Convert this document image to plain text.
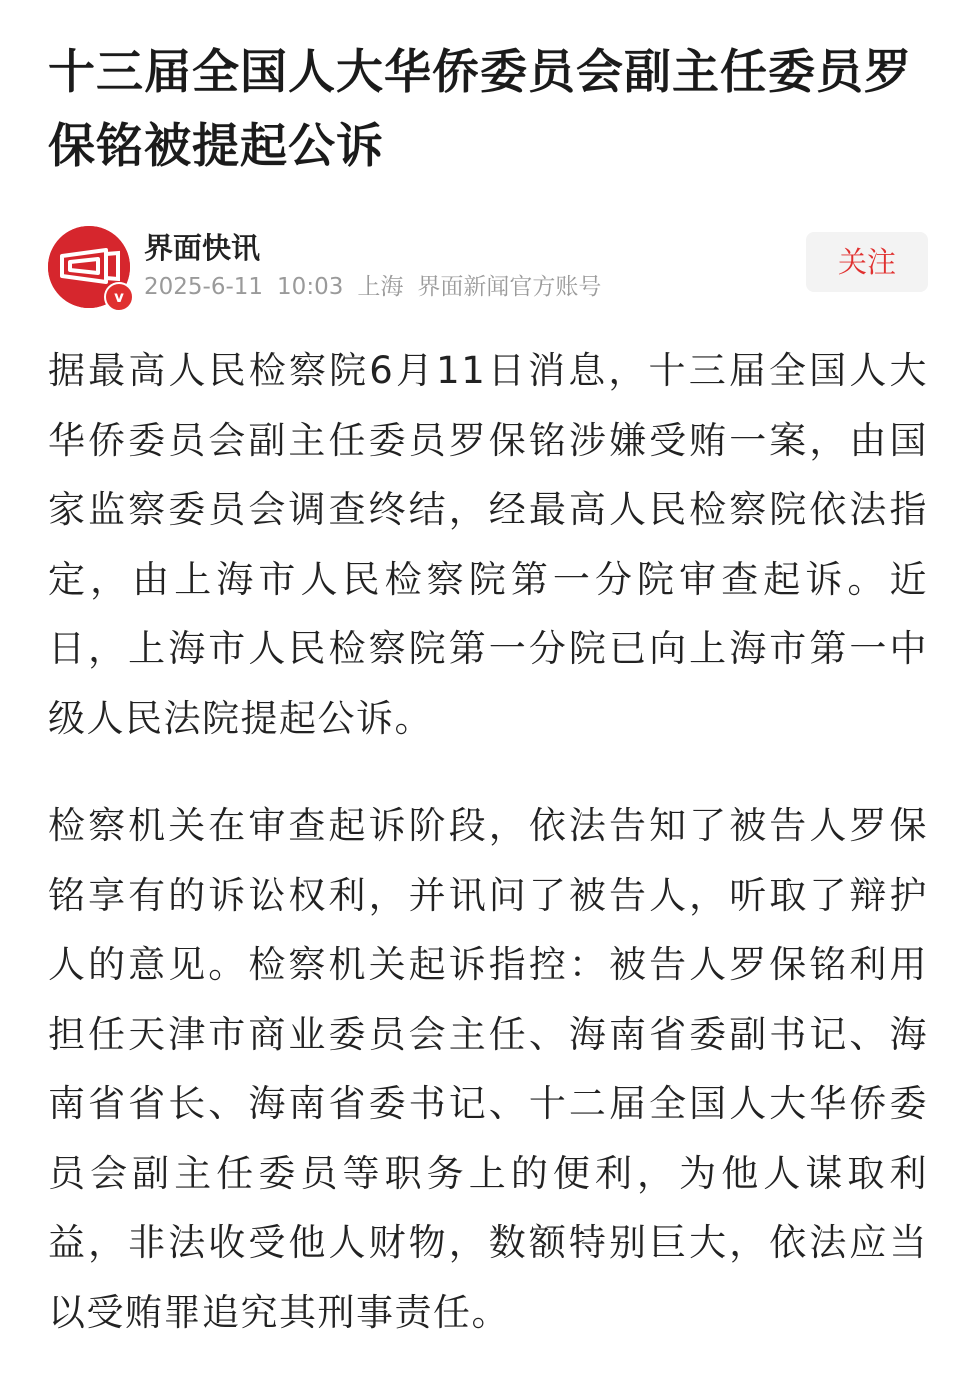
十三届全国人大华侨委员会副主任委员罗保铭被提起公诉
v
界面快讯
2025-6-11 10:03 上海 界面新闻官方账号
关注

据最高人民检察院6月11日消息，十三届全国人大华侨委员会副主任委员罗保铭涉嫌受贿一案，由国家监察委员会调查终结，经最高人民检察院依法指定，由上海市人民检察院第一分院审查起诉。近日，上海市人民检察院第一分院已向上海市第一中级人民法院提起公诉。

检察机关在审查起诉阶段，依法告知了被告人罗保铭享有的诉讼权利，并讯问了被告人，听取了辩护人的意见。检察机关起诉指控：被告人罗保铭利用担任天津市商业委员会主任、海南省委副书记、海南省省长、海南省委书记、十二届全国人大华侨委员会副主任委员等职务上的便利，为他人谋取利益，非法收受他人财物，数额特别巨大，依法应当以受贿罪追究其刑事责任。
